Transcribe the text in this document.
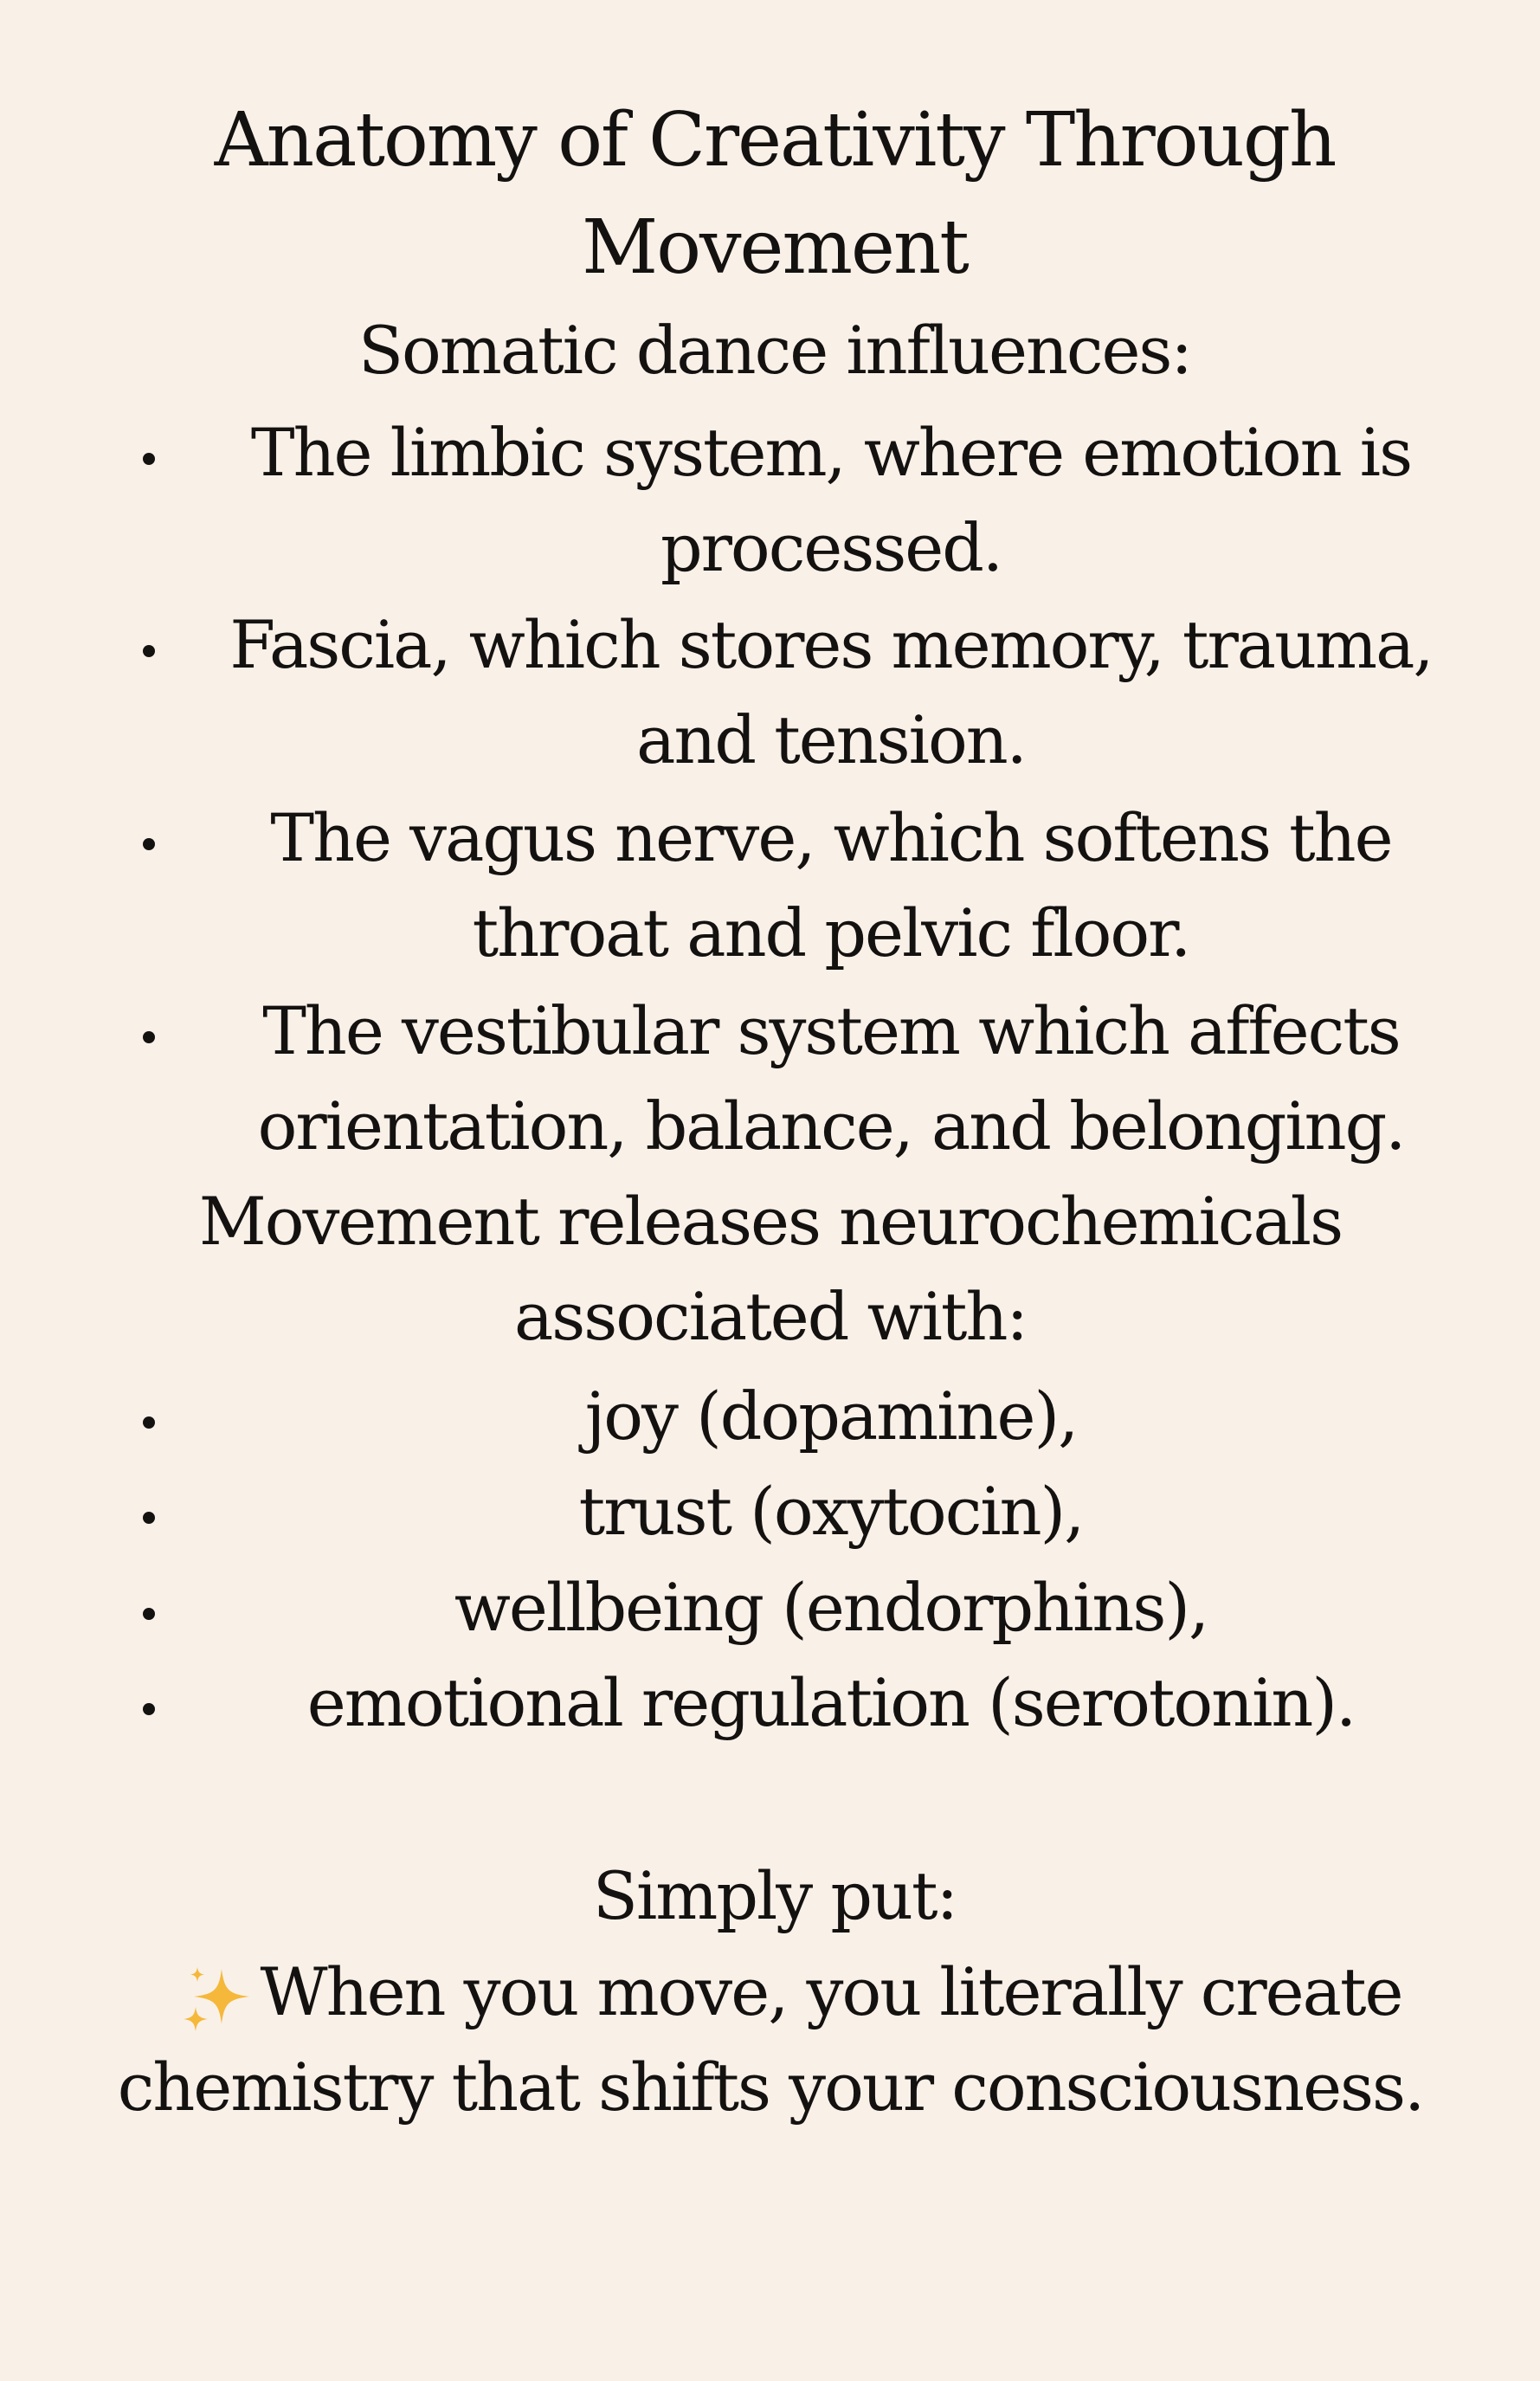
Anatomy of Creativity Through Movement
Somatic dance influences:
The limbic system, where emotion is
processed.
Fascia, which stores memory, trauma,
and tension.
The vagus nerve, which softens the
throat and pelvic floor.
The vestibular system which affects
orientation, balance, and belonging.
Movement releases neurochemicals
associated with:
joy (dopamine),
trust (oxytocin),
wellbeing (endorphins),
emotional regulation (serotonin).
Simply put:
When you move, you literally create
chemistry that shifts your consciousness.
